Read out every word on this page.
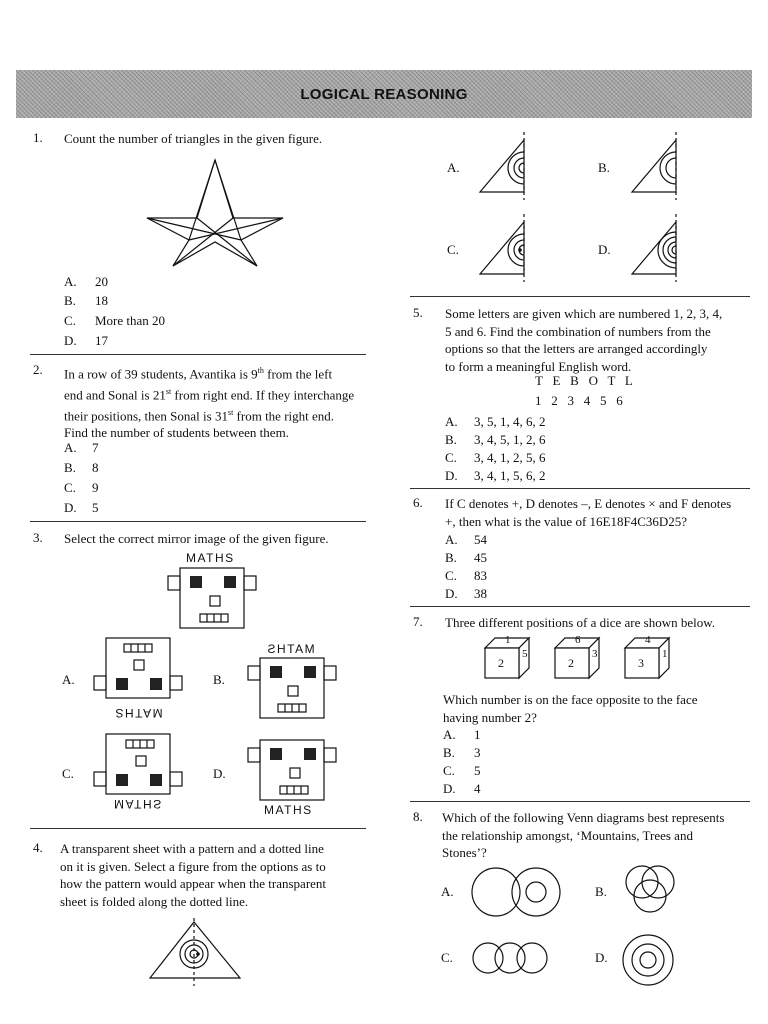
LOGICAL REASONING
1. Count the number of triangles in the given figure.
A. 20
B. 18
C. More than 20
D. 17
2. In a row of 39 students, Avantika is 9th from the left
end and Sonal is 21st from right end. If they interchange
their positions, then Sonal is 31st from the right end.
Find the number of students between them.
A. 7
B. 8
C. 9
D. 5
3. Select the correct mirror image of the given figure.
MATHS
A.
MATHS
B.
MATHS
C.
MATHS
D.
MATHS
4. A transparent sheet with a pattern and a dotted line
on it is given. Select a figure from the options as to
how the pattern would appear when the transparent
sheet is folded along the dotted line.
A.	B.
C.	D.
5. Some letters are given which are numbered 1, 2, 3, 4,
5 and 6. Find the combination of numbers from the
options so that the letters are arranged accordingly
to form a meaningful English word.
T   E   B   O   T   L
1   2   3   4   5   6
A. 3, 5, 1, 4, 6, 2
B. 3, 4, 5, 1, 2, 6
C. 3, 4, 1, 2, 5, 6
D. 3, 4, 1, 5, 6, 2
6. If C denotes +, D denotes –, E denotes × and F denotes
+, then what is the value of 16E18F4C36D25?
A. 54
B. 45
C. 83
D. 38
7. Three different positions of a dice are shown below.
1
2
5
6
2
3
4
3
1
Which number is on the face opposite to the face
having number 2?
A. 1
B. 3
C. 5
D. 4
8. Which of the following Venn diagrams best represents
the relationship amongst, ‘Mountains, Trees and
Stones’?
A.	B.
C.	D.
